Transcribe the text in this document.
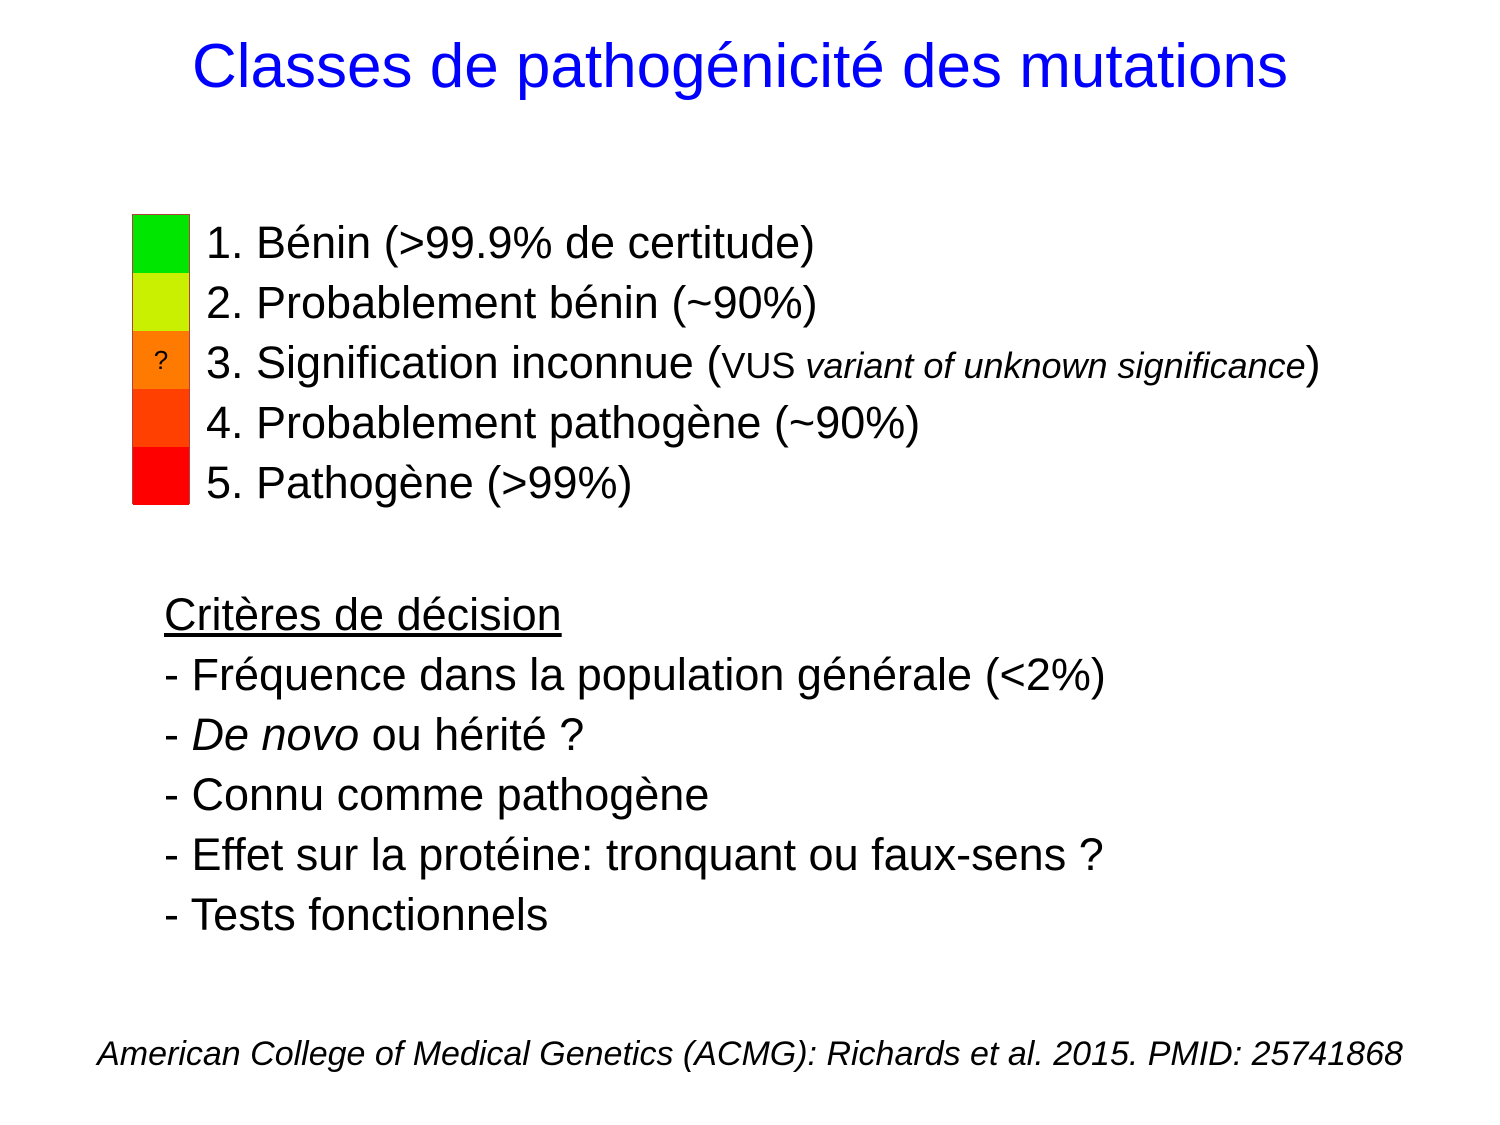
Classes de pathogénicité des mutations
?
1. Bénin (>99.9% de certitude)
2. Probablement bénin (~90%)
3. Signification inconnue (VUS variant of unknown significance)
4. Probablement pathogène (~90%)
5. Pathogène (>99%)
Critères de décision
- Fréquence dans la population générale (<2%)
- De novo ou hérité ?
- Connu comme pathogène
- Effet sur la protéine: tronquant ou faux-sens ?
- Tests fonctionnels
American College of Medical Genetics (ACMG): Richards et al. 2015. PMID: 25741868
